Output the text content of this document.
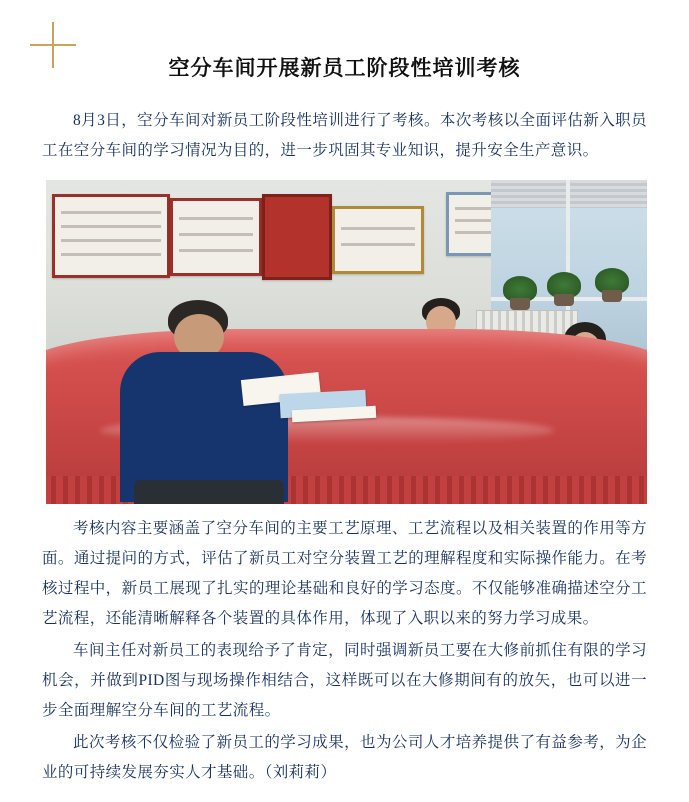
空分车间开展新员工阶段性培训考核

8月3日，空分车间对新员工阶段性培训进行了考核。本次考核以全面评估新入职员工在空分车间的学习情况为目的，进一步巩固其专业知识，提升安全生产意识。

考核内容主要涵盖了空分车间的主要工艺原理、工艺流程以及相关装置的作用等方面。通过提问的方式，评估了新员工对空分装置工艺的理解程度和实际操作能力。在考核过程中，新员工展现了扎实的理论基础和良好的学习态度。不仅能够准确描述空分工艺流程，还能清晰解释各个装置的具体作用，体现了入职以来的努力学习成果。

车间主任对新员工的表现给予了肯定，同时强调新员工要在大修前抓住有限的学习机会，并做到PID图与现场操作相结合，这样既可以在大修期间有的放矢，也可以进一步全面理解空分车间的工艺流程。

此次考核不仅检验了新员工的学习成果，也为公司人才培养提供了有益参考，为企业的可持续发展夯实人才基础。（刘莉莉）
